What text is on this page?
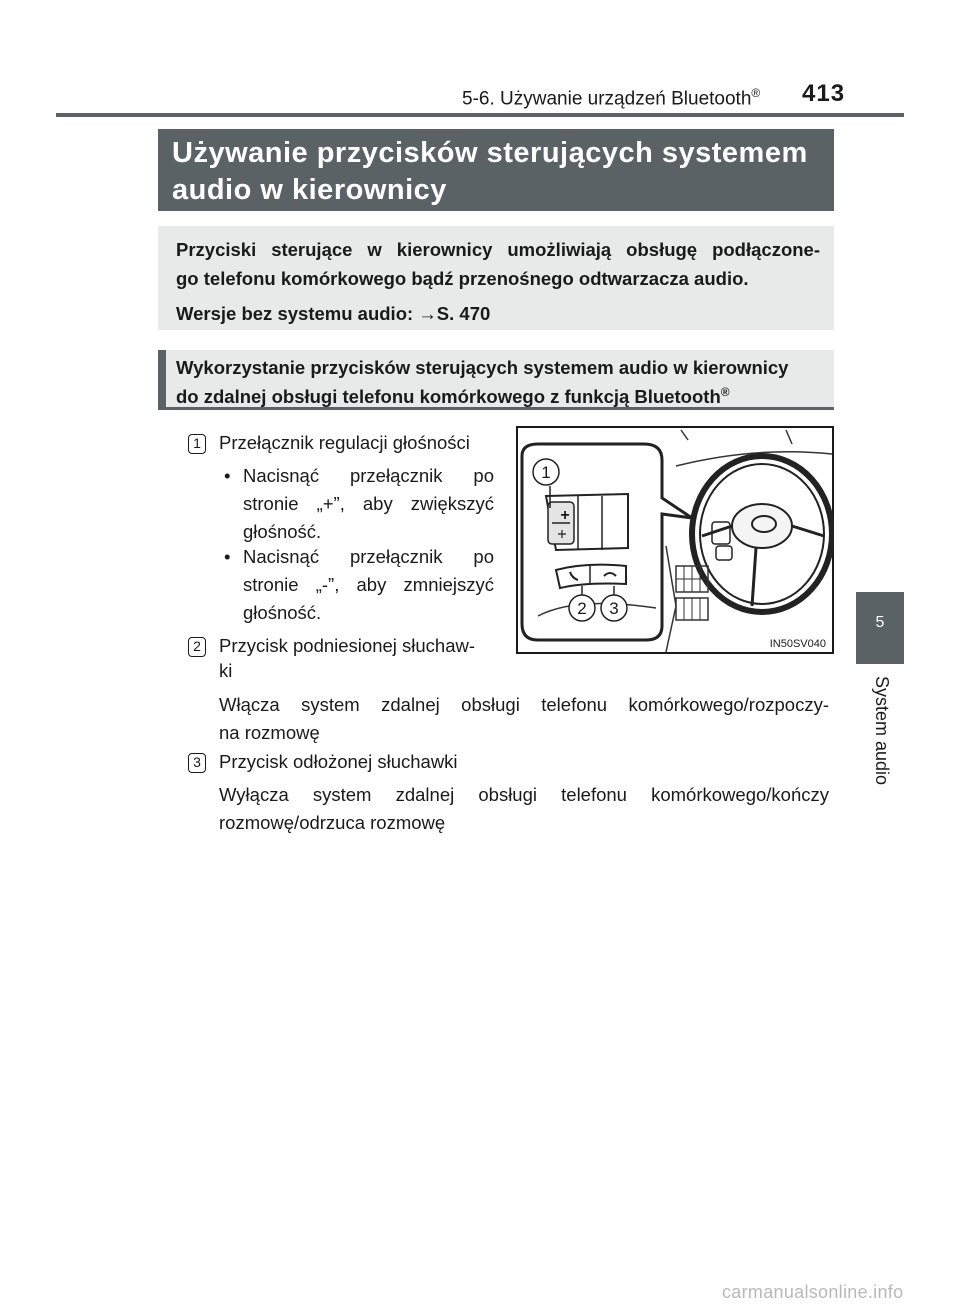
5-6. Używanie urządzeń Bluetooth® 413
5
System audio
Używanie przycisków sterujących systemem
audio w kierownicy
Przyciski sterujące w kierownicy umożliwiają obsługę podłączone-
go telefonu komórkowego bądź przenośnego odtwarzacza audio.
Wersje bez systemu audio: →S. 470
Wykorzystanie przycisków sterujących systemem audio w kierownicy
do zdalnej obsługi telefonu komórkowego z funkcją Bluetooth®
1 Przełącznik regulacji głośności
• Nacisnąć przełącznik po
stronie „+”, aby zwiększyć
głośność.
• Nacisnąć przełącznik po
stronie „-”, aby zmniejszyć
głośność.
2 Przycisk podniesionej słuchaw-
ki
Włącza system zdalnej obsługi telefonu komórkowego/rozpoczy-
na rozmowę
3 Przycisk odłożonej słuchawki
Wyłącza system zdalnej obsługi telefonu komórkowego/kończy
rozmowę/odrzuca rozmowę
+
1
2 3
IN50SV040
carmanualsonline.info
